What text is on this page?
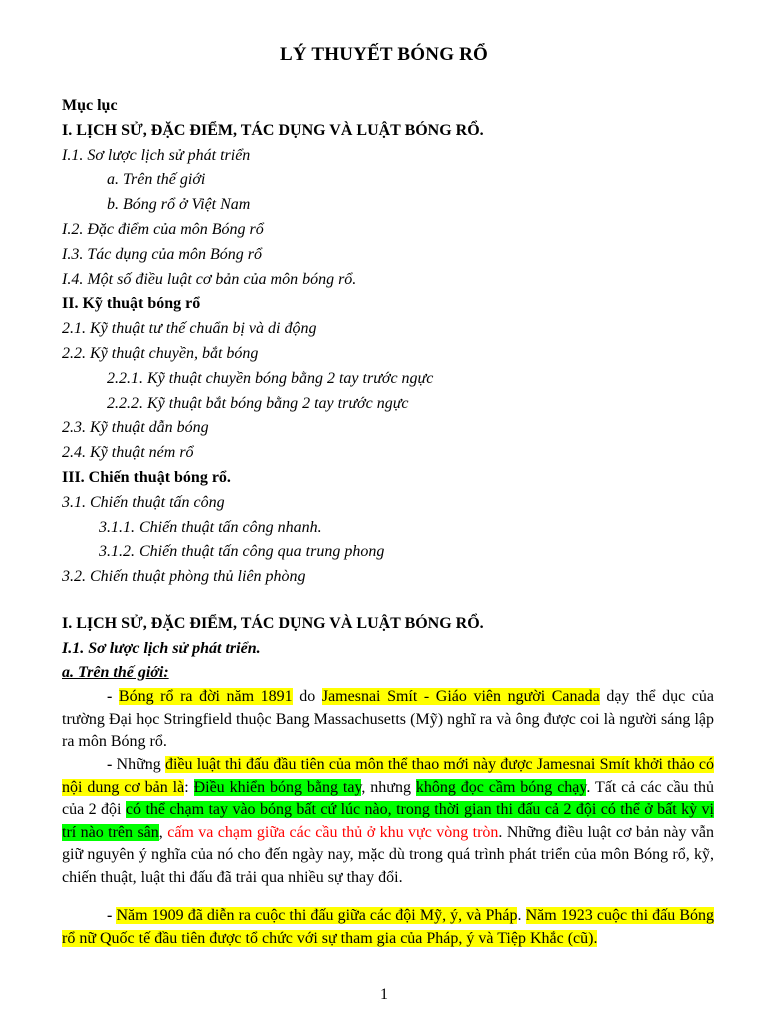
LÝ THUYẾT BÓNG RỔ
Mục lục
I. LỊCH SỬ, ĐẶC ĐIỂM, TÁC DỤNG VÀ LUẬT BÓNG RỔ.
I.1. Sơ lược lịch sử phát triển
a. Trên thế giới
b. Bóng rổ ở Việt Nam
I.2. Đặc điểm của môn Bóng rổ
I.3. Tác dụng của môn Bóng rổ
I.4. Một số điều luật cơ bản của môn bóng rổ.
II. Kỹ thuật bóng rổ
2.1. Kỹ thuật tư thế chuẩn bị và di động
2.2. Kỹ thuật chuyền, bắt bóng
2.2.1. Kỹ thuật chuyền bóng bằng 2 tay trước ngực
2.2.2. Kỹ thuật bắt bóng bằng 2 tay trước ngực
2.3. Kỹ thuật dẫn bóng
2.4. Kỹ thuật ném rổ
III. Chiến thuật bóng rổ.
3.1. Chiến thuật tấn công
3.1.1. Chiến thuật tấn công nhanh.
3.1.2. Chiến thuật tấn công qua trung phong
3.2. Chiến thuật phòng thủ liên phòng
I. LỊCH SỬ, ĐẶC ĐIỂM, TÁC DỤNG VÀ LUẬT BÓNG RỔ.
I.1. Sơ lược lịch sử phát triển.
a. Trên thế giới:

- Bóng rổ ra đời năm 1891 do Jamesnai Smít - Giáo viên người Canada dạy thể dục của trường Đại học Stringfield thuộc Bang Massachusetts (Mỹ) nghĩ ra và ông được coi là người sáng lập ra môn Bóng rổ.

- Những điều luật thi đấu đầu tiên của môn thể thao mới này được Jamesnai Smít khởi thảo có nội dung cơ bản là: Điều khiển bóng bằng tay, nhưng không đọc cầm bóng chạy. Tất cả các cầu thủ của 2 đội có thể chạm tay vào bóng bất cứ lúc nào, trong thời gian thi đấu cả 2 đội có thể ở bất kỳ vị trí nào trên sân, cấm va chạm giữa các cầu thủ ở khu vực vòng tròn. Những điều luật cơ bản này vẫn giữ nguyên ý nghĩa của nó cho đến ngày nay, mặc dù trong quá trình phát triển của môn Bóng rổ, kỹ, chiến thuật, luật thi đấu đã trải qua nhiều sự thay đổi.

- Năm 1909 đã diễn ra cuộc thi đấu giữa các đội Mỹ, ý, và Pháp. Năm 1923 cuộc thi đấu Bóng rổ nữ Quốc tế đầu tiên được tổ chức với sự tham gia của Pháp, ý và Tiệp Khắc (cũ).

1
